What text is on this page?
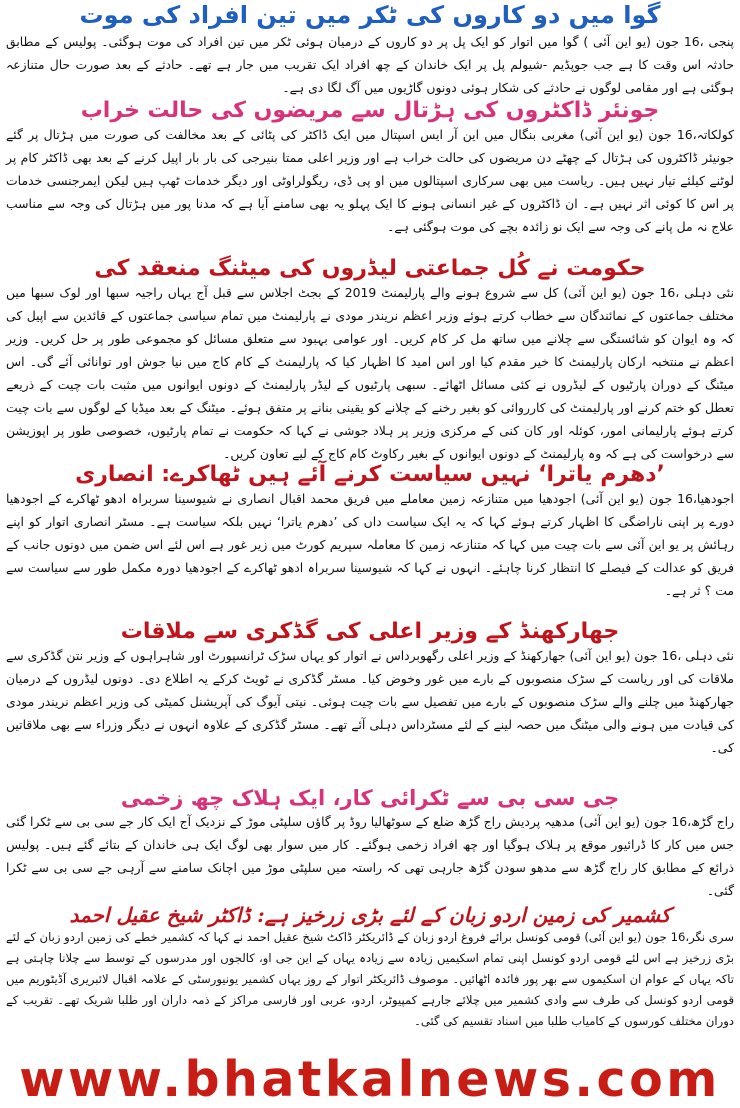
گوا میں دو کاروں کی ٹکر میں تین افراد کی موت

پنجی ،16 جون (یو این آئی ) گوا میں اتوار کو ایک پل پر دو کاروں کے درمیان ہوئی ٹکر میں تین افراد کی موت ہوگئی۔ پولیس کے مطابق حادثہ اس وقت کا ہے جب جوپڈیم -شیولم پل پر ایک خاندان کے چھ افراد ایک تقریب میں جار ہے تھے۔ حادثے کے بعد صورت حال متنازعہ ہوگئی ہے اور مقامی لوگوں نے حادثے کی شکار ہوئی دونوں گاڑیوں میں آگ لگا دی ہے۔

جونئر ڈاکٹروں کی ہڑتال سے مریضوں کی حالت خراب

کولکاتہ،16 جون (یو این آئی) مغربی بنگال میں این آر ایس اسپتال میں ایک ڈاکٹر کی پٹائی کے بعد مخالفت کی صورت میں ہڑتال پر گئے جونیئر ڈاکٹروں کی ہڑتال کے چھٹے دن مریضوں کی حالت خراب ہے اور وزیر اعلی ممتا بنیرجی کی بار بار اپیل کرنے کے بعد بھی ڈاکٹر کام پر لوٹنے کیلئے تیار نہیں ہیں۔ ریاست میں بھی سرکاری اسپتالوں میں او پی ڈی، ریگولراوٹی اور دیگر خدمات ٹھپ ہیں لیکن ایمرجنسی خدمات پر اس کا کوئی اثر نہیں ہے۔ ان ڈاکٹروں کے غیر انسانی ہونے کا ایک پہلو یہ بھی سامنے آیا ہے کہ مدنا پور میں ہڑتال کی وجہ سے مناسب علاج نہ مل پانے کی وجہ سے ایک نو زائدہ بچے کی موت ہوگئی ہے۔

حکومت نے کُل جماعتی لیڈروں کی میٹنگ منعقد کی

نئی دہلی ،16 جون (یو این آئی) کل سے شروع ہونے والے پارلیمنٹ 2019 کے بجٹ اجلاس سے قبل آج یہاں راجیہ سبھا اور لوک سبھا میں مختلف جماعتوں کے نمائندگان سے خطاب کرتے ہوئے وزیر اعظم نریندر مودی نے پارلیمنٹ میں تمام سیاسی جماعتوں کے قائدین سے اپیل کی کہ وہ ایوان کو شائستگی سے چلانے میں ساتھ مل کر کام کریں۔ اور عوامی بہبود سے متعلق مسائل کو مجموعی طور پر حل کریں۔ وزیر اعظم نے منتخبہ ارکان پارلیمنٹ کا خیر مقدم کیا اور اس امید کا اظہار کیا کہ پارلیمنٹ کے کام کاج میں نیا جوش اور توانائی آئے گی۔ اس میٹنگ کے دوران پارٹیوں کے لیڈروں نے کئی مسائل اٹھائے۔ سبھی پارٹیوں کے لیڈر پارلیمنٹ کے دونوں ایوانوں میں مثبت بات چیت کے ذریعے تعطل کو ختم کرنے اور پارلیمنٹ کی کارروائی کو بغیر رخنے کے چلانے کو یقینی بنانے پر متفق ہوئے۔ میٹنگ کے بعد میڈیا کے لوگوں سے بات چیت کرتے ہوئے پارلیمانی امور، کوئلہ اور کان کنی کے مرکزی وزیر پر ہلاد جوشی نے کہا کہ حکومت نے تمام پارٹیوں، خصوصی طور پر اپوزیشن سے درخواست کی ہے کہ وہ پارلیمنٹ کے دونوں ایوانوں کے بغیر رکاوٹ کام کاج کے لیے تعاون کریں۔

’دھرم یاترا‘ نہیں سیاست کرنے آئے ہیں ٹھاکرے: انصاری

اجودھیا،16 جون (یو این آئی) اجودھیا میں متنازعہ زمین معاملے میں فریق محمد اقبال انصاری نے شیوسینا سربراہ ادھو ٹھاکرے کے اجودھیا دورے پر اپنی ناراضگی کا اظہار کرتے ہوئے کہا کہ یہ ایک سیاست داں کی ’دھرم یاترا‘ نہیں بلکہ سیاست ہے۔ مسٹر انصاری اتوار کو اپنے رہائش پر یو این آئی سے بات چیت میں کہا کہ متنازعہ زمین کا معاملہ سپریم کورٹ میں زیر غور ہے اس لئے اس ضمن میں دونوں جانب کے فریق کو عدالت کے فیصلے کا انتظار کرنا چاہئے۔ انہوں نے کہا کہ شیوسینا سربراہ ادھو ٹھاکرے کے اجودھیا دورہ مکمل طور سے سیاست سے مت ؟ ثر ہے۔

جھارکھنڈ کے وزیر اعلی کی گڈکری سے ملاقات

نئی دہلی ،16 جون (یو این آئی) جھارکھنڈ کے وزیر اعلی رگھوبرداس نے اتوار کو یہاں سڑک ٹرانسپورٹ اور شاہراہوں کے وزیر نتن گڈکری سے ملاقات کی اور ریاست کے سڑک منصوبوں کے بارے میں غور وخوض کیا۔ مسٹر گڈکری نے ٹویٹ کرکے یہ اطلاع دی۔ دونوں لیڈروں کے درمیان جھارکھنڈ میں چلنے والے سڑک منصوبوں کے بارے میں تفصیل سے بات چیت ہوئی۔ نیتی آیوگ کی آپریشنل کمیٹی کی وزیر اعظم نریندر مودی کی قیادت میں ہونے والی میٹنگ میں حصہ لینے کے لئے مسٹرداس دہلی آئے تھے۔ مسٹر گڈکری کے علاوہ انہوں نے دیگر وزراء سے بھی ملاقاتیں کی۔

جی سی بی سے ٹکرائی کار، ایک ہلاک چھ زخمی

راج گڑھ،16 جون (یو این آئی) مدھیہ پردیش راج گڑھ ضلع کے سوٹھالیا روڈ پر گاؤں سلپٹی موڑ کے نزدیک آج ایک کار جے سی بی سے ٹکرا گئی جس میں کار کا ڈرائیور موقع پر ہلاک ہوگیا اور چھ افراد زخمی ہوگئے۔ کار میں سوار بھی لوگ ایک ہی خاندان کے بتائے گئے ہیں۔ پولیس ذرائع کے مطابق کار راج گڑھ سے مدھو سودن گڑھ جارہی تھی کہ راستہ میں سلپٹی موڑ میں اچانک سامنے سے آرہی جے سی بی سے ٹکرا گئی۔

کشمیر کی زمین اردو زبان کے لئے بڑی زرخیز ہے: ڈاکٹر شیخ عقیل احمد

سری نگر،16 جون (یو این آئی) قومی کونسل برائے فروغ اردو زبان کے ڈائریکٹر ڈاکٹ شیخ عقیل احمد نے کہا کہ کشمیر خطے کی زمین اردو زبان کے لئے بڑی زرخیز ہے اس لئے قومی اردو کونسل اپنی تمام اسکیمیں زیادہ سے زیادہ یہاں کے این جی او، کالجوں اور مدرسوں کے توسط سے چلانا چاہتی ہے تاکہ یہاں کے عوام ان اسکیموں سے بھر پور فائدہ اٹھائیں۔ موصوف ڈائریکٹر اتوار کے روز یہاں کشمیر یونیورسٹی کے علامہ اقبال لائبریری آڈیٹوریم میں قومی اردو کونسل کی طرف سے وادی کشمیر میں چلائے جارہے کمپیوٹر، اردو، عربی اور فارسی مراکز کے ذمہ داران اور طلبا شریک تھے۔ تقریب کے دوران مختلف کورسوں کے کامیاب طلبا میں اسناد تقسیم کی گئی۔

www.bhatkalnews.com
